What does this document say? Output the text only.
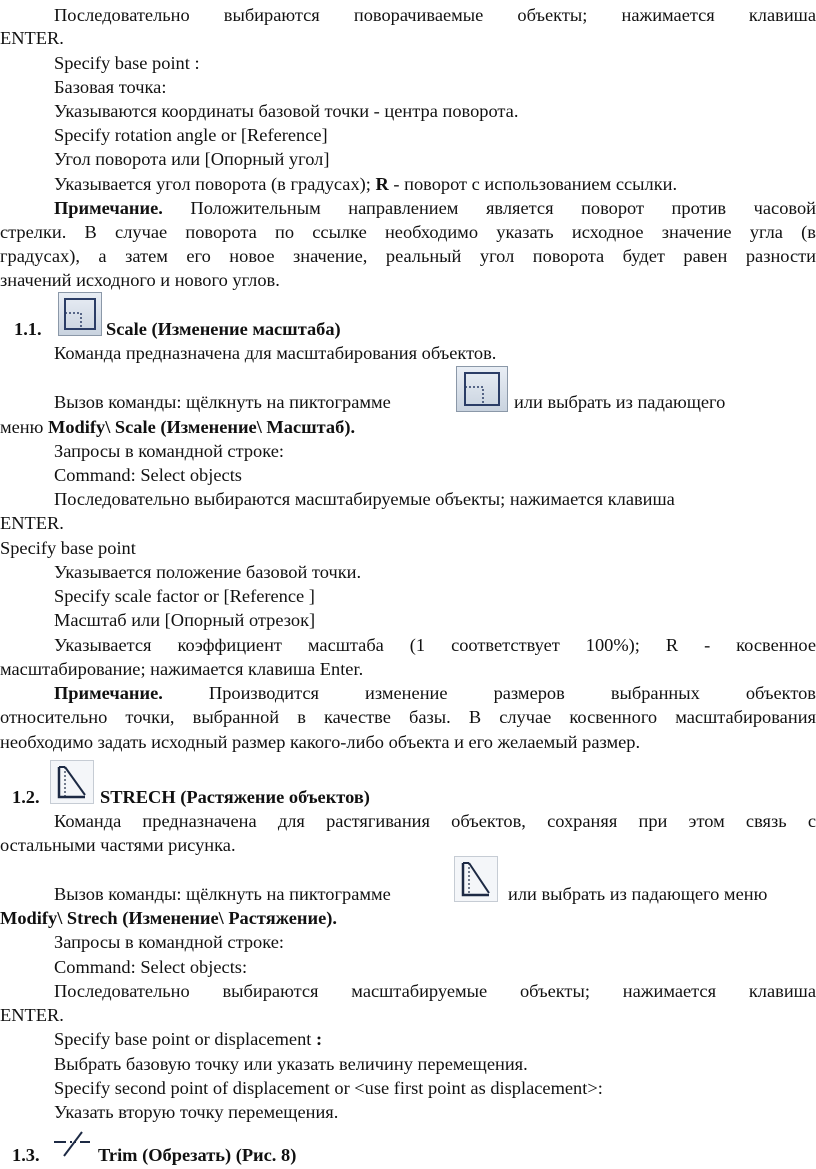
Последовательно выбираются поворачиваемые объекты; нажимается клавиша
ENTER.
Specify base point :
Базовая точка:
Указываются координаты базовой точки - центра поворота.
Specify rotation angle or [Reference]
Угол поворота или [Опорный угол]
Указывается угол поворота (в градусах); R - поворот с использованием ссылки.
Примечание. Положительным направлением является поворот против часовой
стрелки. В случае поворота по ссылке необходимо указать исходное значение угла (в
градусах), а затем его новое значение, реальный угол поворота будет равен разности
значений исходного и нового углов.
1.1.	Scale (Изменение масштаба)
Команда предназначена для масштабирования объектов.
Вызов команды: щёлкнуть на пиктограмме	или выбрать из падающего
меню Modify\ Scale (Изменение\ Масштаб).
Запросы в командной строке:
Command: Select objects
Последовательно выбираются масштабируемые объекты; нажимается клавиша
ENTER.
Specify base point
Указывается положение базовой точки.
Specify scale factor or [Reference ]
Масштаб или [Опорный отрезок]
Указывается коэффициент масштаба (1 соответствует 100%); R - косвенное
масштабирование; нажимается клавиша Enter.
Примечание. Производится изменение размеров выбранных объектов
относительно точки, выбранной в качестве базы. В случае косвенного масштабирования
необходимо задать исходный размер какого-либо объекта и его желаемый размер.
1.2.	STRECH (Растяжение объектов)
Команда предназначена для растягивания объектов, сохраняя при этом связь с
остальными частями рисунка.
Вызов команды: щёлкнуть на пиктограмме	или выбрать из падающего меню
Modify\ Strech (Изменение\ Растяжение).
Запросы в командной строке:
Command: Select objects:
Последовательно выбираются масштабируемые объекты; нажимается клавиша
ENTER.
Specify base point or displacement :
Выбрать базовую точку или указать величину перемещения.
Specify second point of displacement or <use first point as displacement>:
Указать вторую точку перемещения.
1.3.	Trim (Обрезать) (Рис. 8)
